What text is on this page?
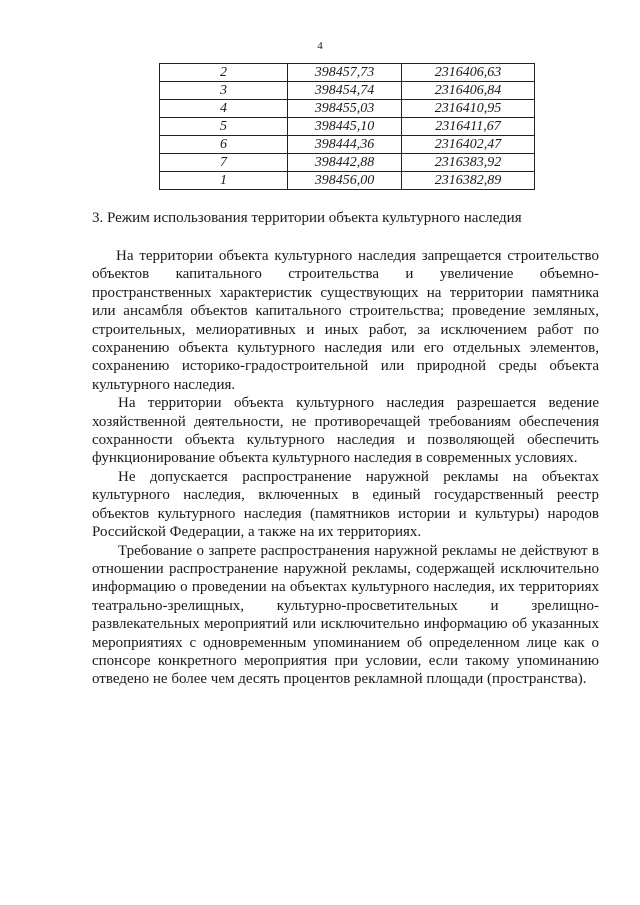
4
2	398457,73	2316406,63
3	398454,74	2316406,84
4	398455,03	2316410,95
5	398445,10	2316411,67
6	398444,36	2316402,47
7	398442,88	2316383,92
1	398456,00	2316382,89
3. Режим использования территории объекта культурного наследия

На территории объекта культурного наследия запрещается строительство объектов капитального строительства и увеличение объемно-пространственных характеристик существующих на территории памятника или ансамбля объектов капитального строительства; проведение земляных, строительных, мелиоративных и иных работ, за исключением работ по сохранению объекта культурного наследия или его отдельных элементов, сохранению историко-градостроительной или природной среды объекта культурного наследия.

На территории объекта культурного наследия разрешается ведение хозяйственной деятельности, не противоречащей требованиям обеспечения сохранности объекта культурного наследия и позволяющей обеспечить функционирование объекта культурного наследия в современных условиях.

Не допускается распространение наружной рекламы на объектах культурного наследия, включенных в единый государственный реестр объектов культурного наследия (памятников истории и культуры) народов Российской Федерации, а также на их территориях.

Требование о запрете распространения наружной рекламы не действуют в отношении распространение наружной рекламы, содержащей исключительно информацию о проведении на объектах культурного наследия, их территориях театрально-зрелищных, культурно-просветительных и зрелищно-развлекательных мероприятий или исключительно информацию об указанных мероприятиях с одновременным упоминанием об определенном лице как о спонсоре конкретного мероприятия при условии, если такому упоминанию отведено не более чем десять процентов рекламной площади (пространства).
